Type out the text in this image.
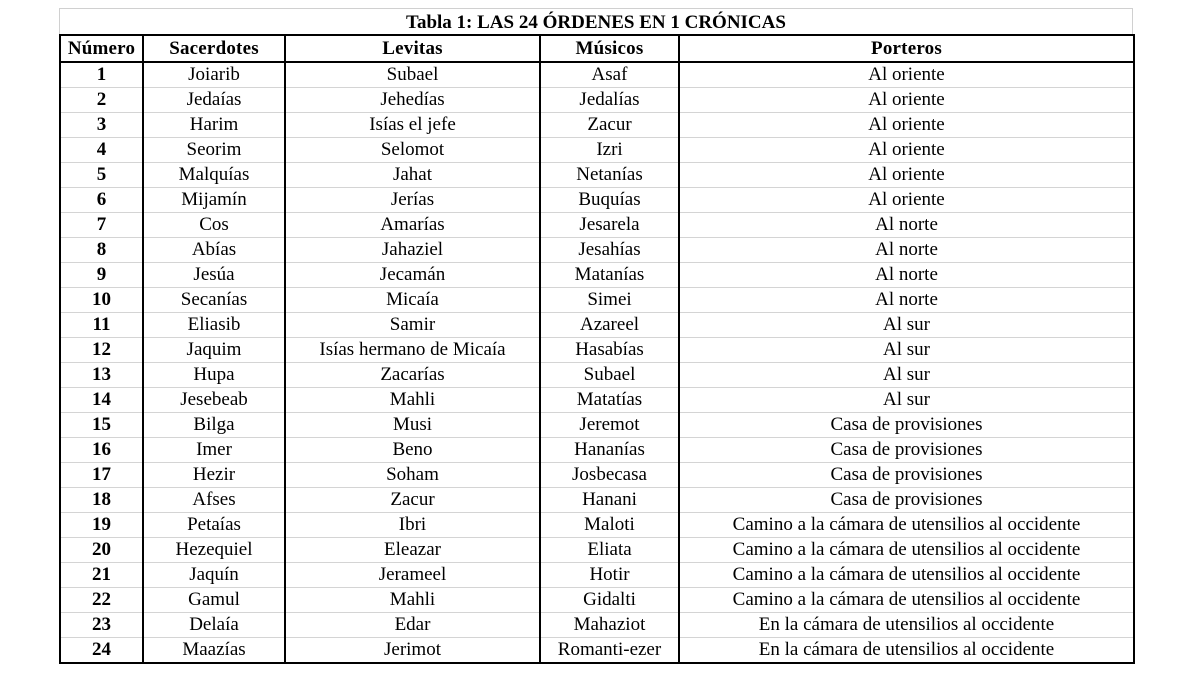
Tabla 1: LAS 24 ÓRDENES EN 1 CRÓNICAS
Número	Sacerdotes	Levitas	Músicos	Porteros
1	Joiarib	Subael	Asaf	Al oriente
2	Jedaías	Jehedías	Jedalías	Al oriente
3	Harim	Isías el jefe	Zacur	Al oriente
4	Seorim	Selomot	Izri	Al oriente
5	Malquías	Jahat	Netanías	Al oriente
6	Mijamín	Jerías	Buquías	Al oriente
7	Cos	Amarías	Jesarela	Al norte
8	Abías	Jahaziel	Jesahías	Al norte
9	Jesúa	Jecamán	Matanías	Al norte
10	Secanías	Micaía	Simei	Al norte
11	Eliasib	Samir	Azareel	Al sur
12	Jaquim	Isías hermano de Micaía	Hasabías	Al sur
13	Hupa	Zacarías	Subael	Al sur
14	Jesebeab	Mahli	Matatías	Al sur
15	Bilga	Musi	Jeremot	Casa de provisiones
16	Imer	Beno	Hananías	Casa de provisiones
17	Hezir	Soham	Josbecasa	Casa de provisiones
18	Afses	Zacur	Hanani	Casa de provisiones
19	Petaías	Ibri	Maloti	Camino a la cámara de utensilios al occidente
20	Hezequiel	Eleazar	Eliata	Camino a la cámara de utensilios al occidente
21	Jaquín	Jerameel	Hotir	Camino a la cámara de utensilios al occidente
22	Gamul	Mahli	Gidalti	Camino a la cámara de utensilios al occidente
23	Delaía	Edar	Mahaziot	En la cámara de utensilios al occidente
24	Maazías	Jerimot	Romanti-ezer	En la cámara de utensilios al occidente
